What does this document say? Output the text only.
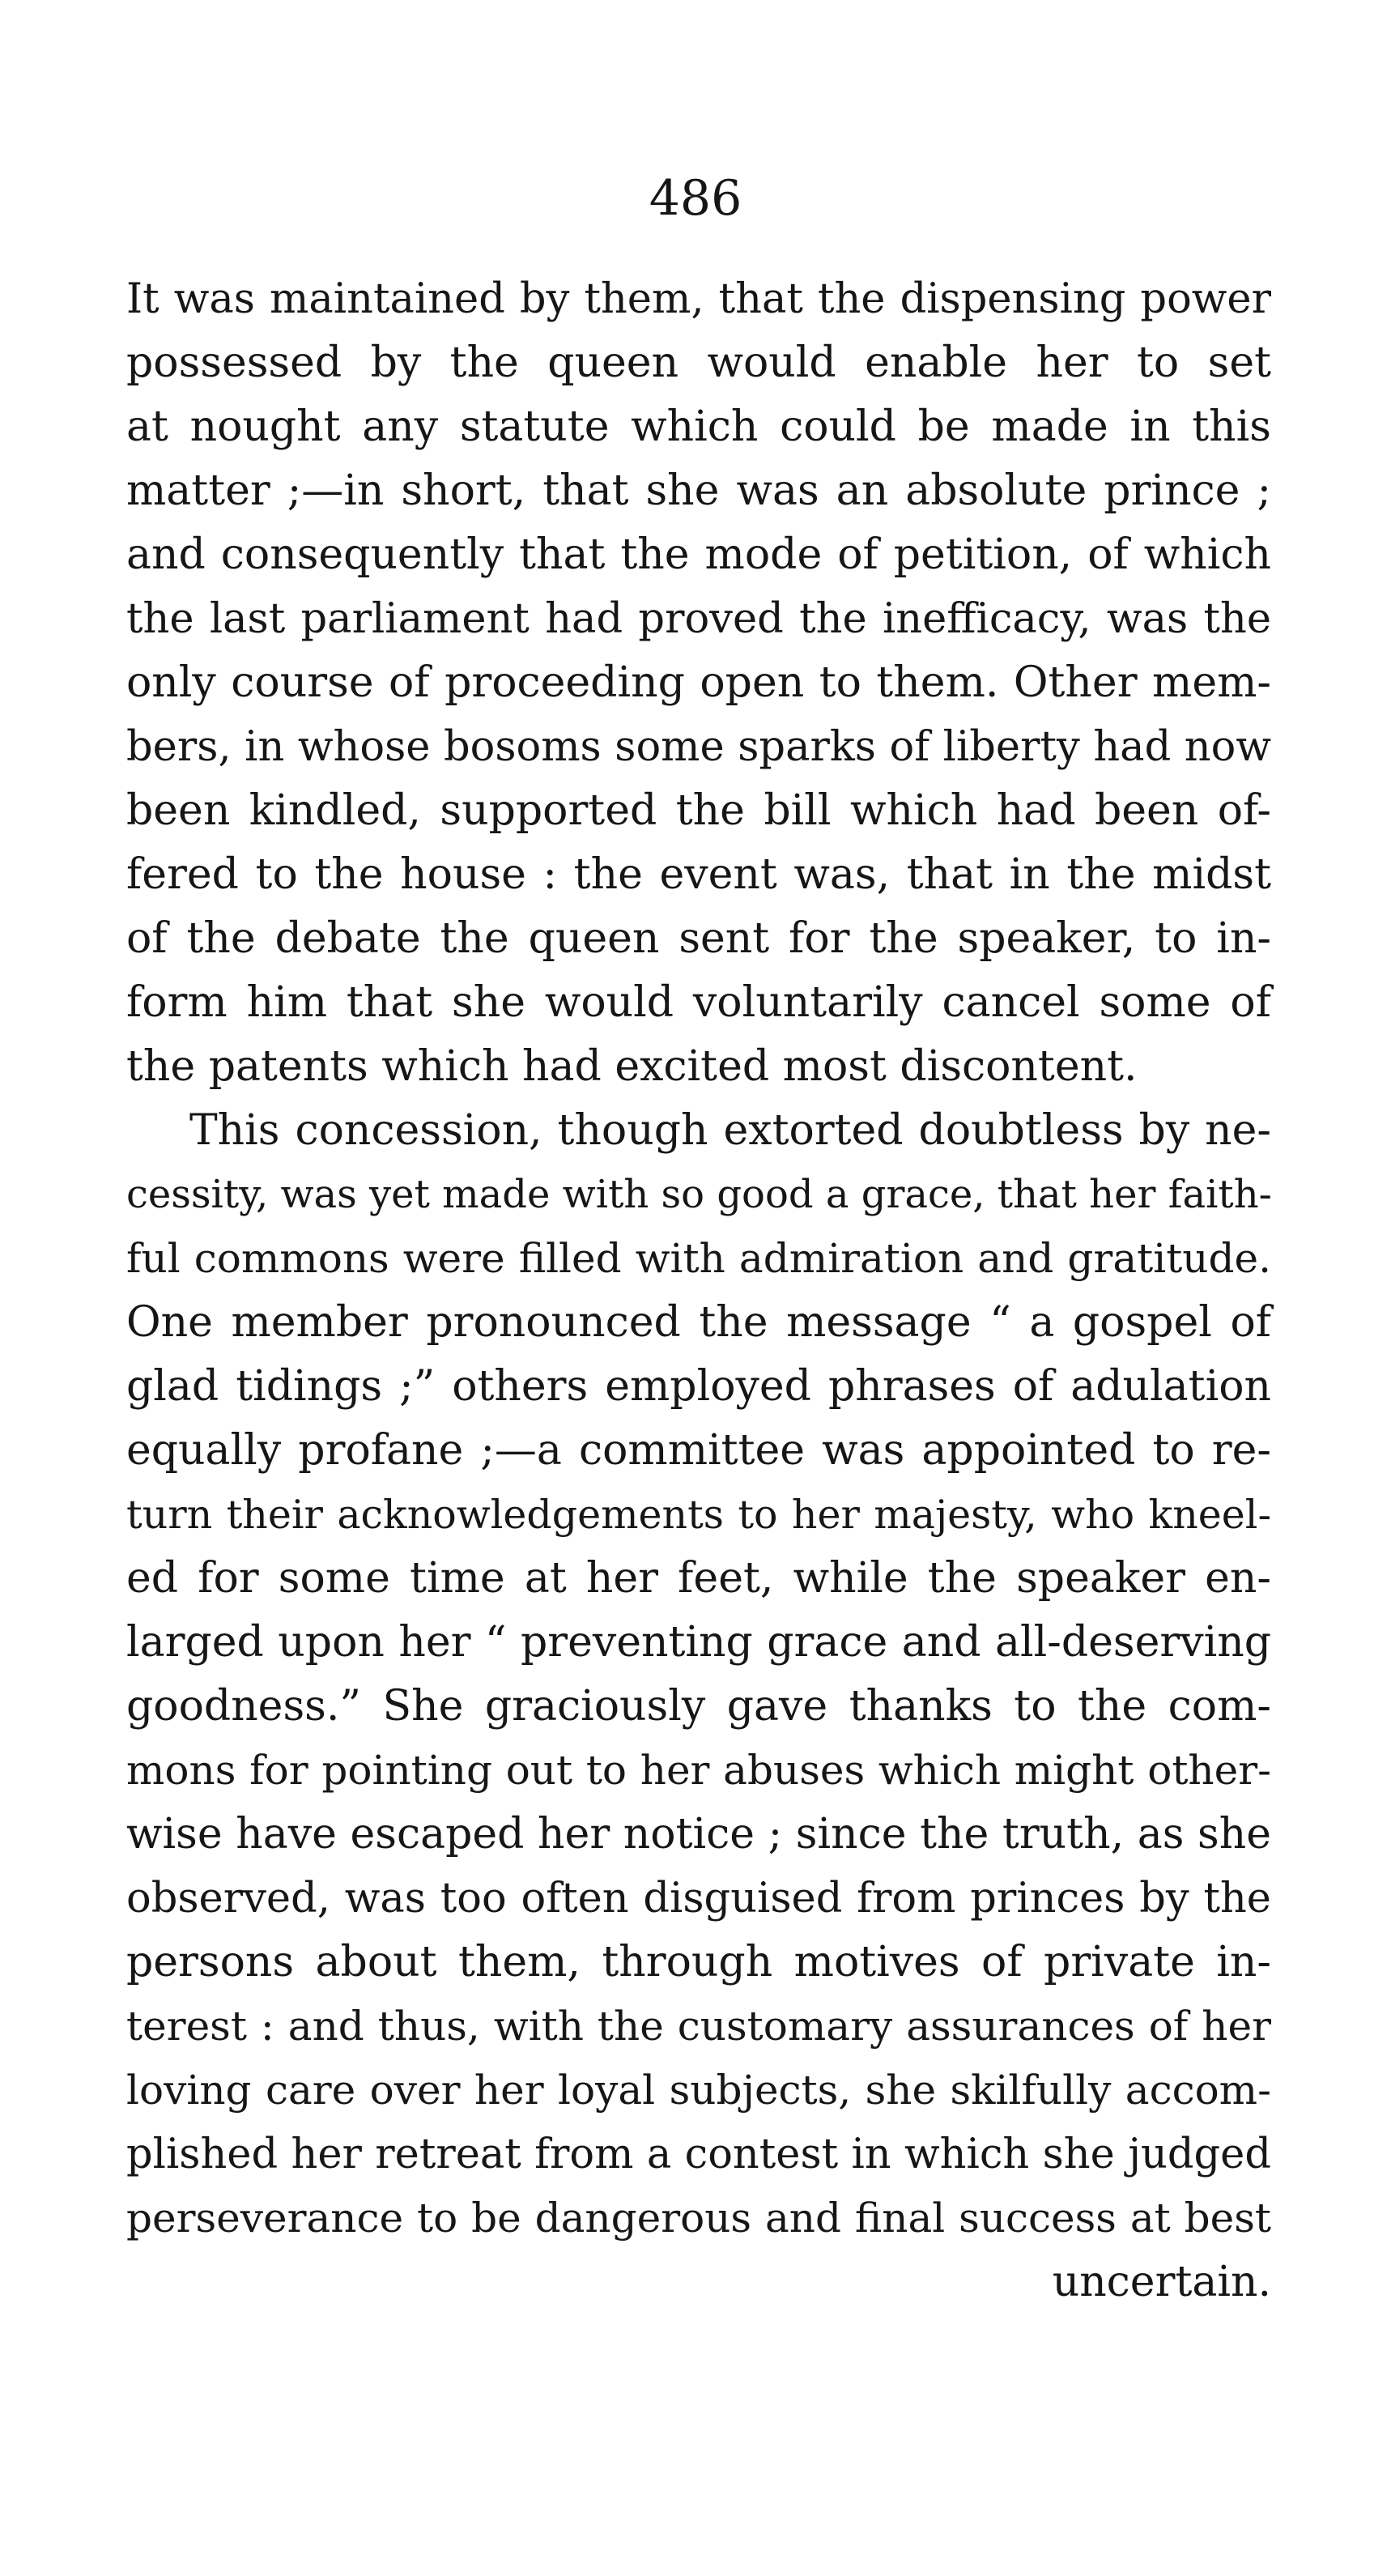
486
It was maintained by them, that the dispensing power
possessed by the queen would enable her to set
at nought any statute which could be made in this
matter ;—in short, that she was an absolute prince ;
and consequently that the mode of petition, of which
the last parliament had proved the inefficacy, was the
only course of proceeding open to them. Other mem-
bers, in whose bosoms some sparks of liberty had now
been kindled, supported the bill which had been of-
fered to the house : the event was, that in the midst
of the debate the queen sent for the speaker, to in-
form him that she would voluntarily cancel some of
the patents which had excited most discontent.
This concession, though extorted doubtless by ne-
cessity, was yet made with so good a grace, that her faith-
ful commons were filled with admiration and gratitude.
One member pronounced the message “ a gospel of
glad tidings ;” others employed phrases of adulation
equally profane ;—a committee was appointed to re-
turn their acknowledgements to her majesty, who kneel-
ed for some time at her feet, while the speaker en-
larged upon her “ preventing grace and all-deserving
goodness.” She graciously gave thanks to the com-
mons for pointing out to her abuses which might other-
wise have escaped her notice ; since the truth, as she
observed, was too often disguised from princes by the
persons about them, through motives of private in-
terest : and thus, with the customary assurances of her
loving care over her loyal subjects, she skilfully accom-
plished her retreat from a contest in which she judged
perseverance to be dangerous and final success at best
uncertain.
